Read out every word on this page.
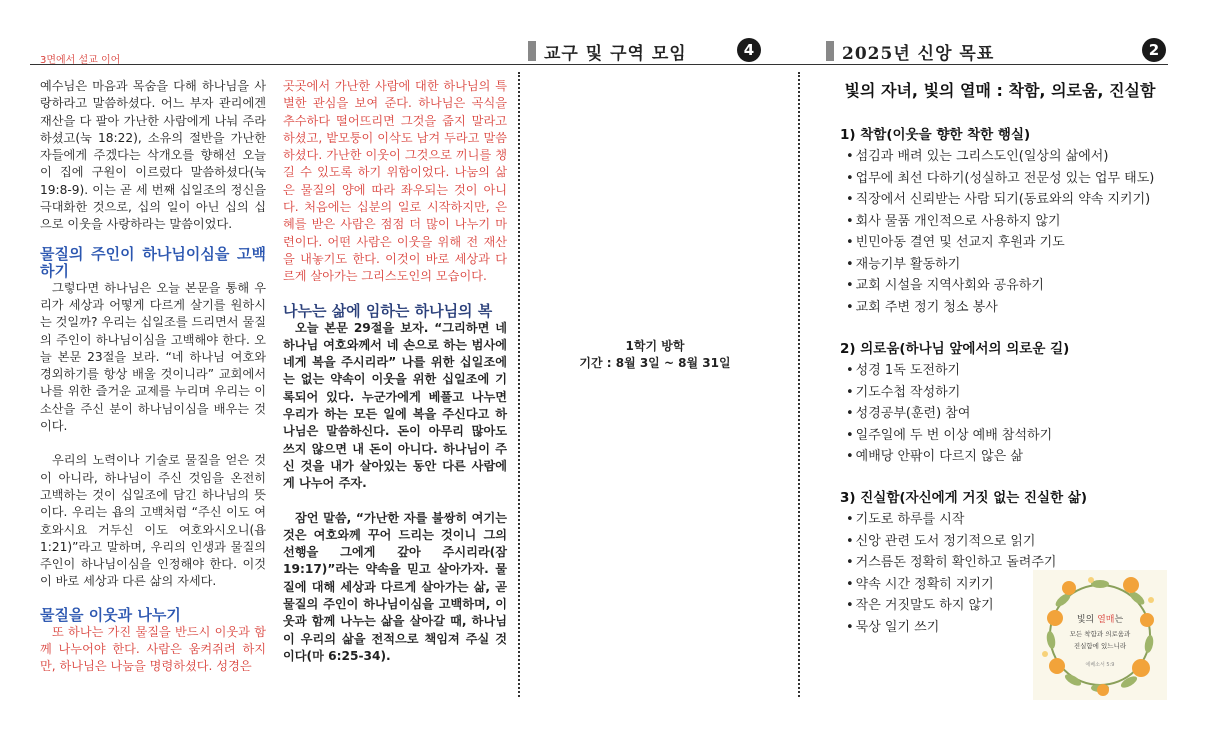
3면에서 설교 이어	교구 및 구역 모임	4	2025년 신앙 목표	2

예수님은 마음과 목숨을 다해 하나님을 사랑하라고 말씀하셨다. 어느 부자 관리에겐 재산을 다 팔아 가난한 사람에게 나눠 주라 하셨고(눅 18:22), 소유의 절반을 가난한 자들에게 주겠다는 삭개오를 향해선 오늘이 집에 구원이 이르렀다 말씀하셨다(눅 19:8-9). 이는 곧 세 번째 십일조의 정신을 극대화한 것으로, 십의 일이 아닌 십의 십으로 이웃을 사랑하라는 말씀이었다.

물질의 주인이 하나님이심을 고백하기

그렇다면 하나님은 오늘 본문을 통해 우리가 세상과 어떻게 다르게 살기를 원하시는 것일까? 우리는 십일조를 드리면서 물질의 주인이 하나님이심을 고백해야 한다. 오늘 본문 23절을 보라. “네 하나님 여호와 경외하기를 항상 배울 것이니라” 교회에서 나를 위한 즐거운 교제를 누리며 우리는 이 소산을 주신 분이 하나님이심을 배우는 것이다.

우리의 노력이나 기술로 물질을 얻은 것이 아니라, 하나님이 주신 것임을 온전히 고백하는 것이 십일조에 담긴 하나님의 뜻이다. 우리는 욥의 고백처럼 “주신 이도 여호와시요 거두신 이도 여호와시오니(욥 1:21)”라고 말하며, 우리의 인생과 물질의 주인이 하나님이심을 인정해야 한다. 이것이 바로 세상과 다른 삶의 자세다.

물질을 이웃과 나누기

또 하나는 가진 물질을 반드시 이웃과 함께 나누어야 한다. 사람은 움켜쥐려 하지만, 하나님은 나눔을 명령하셨다. 성경은

곳곳에서 가난한 사람에 대한 하나님의 특별한 관심을 보여 준다. 하나님은 곡식을 추수하다 떨어뜨리면 그것을 줍지 말라고 하셨고, 밭모퉁이 이삭도 남겨 두라고 말씀하셨다. 가난한 이웃이 그것으로 끼니를 챙길 수 있도록 하기 위함이었다. 나눔의 삶은 물질의 양에 따라 좌우되는 것이 아니다. 처음에는 십분의 일로 시작하지만, 은혜를 받은 사람은 점점 더 많이 나누기 마련이다. 어떤 사람은 이웃을 위해 전 재산을 내놓기도 한다. 이것이 바로 세상과 다르게 살아가는 그리스도인의 모습이다.

나누는 삶에 임하는 하나님의 복

오늘 본문 29절을 보자. “그리하면 네 하나님 여호와께서 네 손으로 하는 범사에 네게 복을 주시리라” 나를 위한 십일조에는 없는 약속이 이웃을 위한 십일조에 기록되어 있다. 누군가에게 베풀고 나누면 우리가 하는 모든 일에 복을 주신다고 하나님은 말씀하신다. 돈이 아무리 많아도 쓰지 않으면 내 돈이 아니다. 하나님이 주신 것을 내가 살아있는 동안 다른 사람에게 나누어 주자.

잠언 말씀, “가난한 자를 불쌍히 여기는 것은 여호와께 꾸어 드리는 것이니 그의 선행을 그에게 갚아 주시리라(잠 19:17)”라는 약속을 믿고 살아가자. 물질에 대해 세상과 다르게 살아가는 삶, 곧 물질의 주인이 하나님이심을 고백하며, 이웃과 함께 나누는 삶을 살아갈 때, 하나님이 우리의 삶을 전적으로 책임져 주실 것이다(마 6:25-34).

1학기 방학
기간 : 8월 3일 ~ 8월 31일
빛의 자녀, 빛의 열매 : 착함, 의로움, 진실함

1) 착함(이웃을 향한 착한 행실)

• 섬김과 배려 있는 그리스도인(일상의 삶에서)
• 업무에 최선 다하기(성실하고 전문성 있는 업무 태도)
• 직장에서 신뢰받는 사람 되기(동료와의 약속 지키기)
• 회사 물품 개인적으로 사용하지 않기
• 빈민아동 결연 및 선교지 후원과 기도
• 재능기부 활동하기
• 교회 시설을 지역사회와 공유하기
• 교회 주변 정기 청소 봉사

2) 의로움(하나님 앞에서의 의로운 길)

• 성경 1독 도전하기
• 기도수첩 작성하기
• 성경공부(훈련) 참여
• 일주일에 두 번 이상 예배 참석하기
• 예배당 안팎이 다르지 않은 삶

3) 진실함(자신에게 거짓 없는 진실한 삶)

• 기도로 하루를 시작
• 신앙 관련 도서 정기적으로 읽기
• 거스름돈 정확히 확인하고 돌려주기
• 약속 시간 정확히 지키기
• 작은 거짓말도 하지 않기
• 묵상 일기 쓰기	빛의 열매는
모든 착함과 의로움과
진실함에 있느니라
에베소서 5:9
